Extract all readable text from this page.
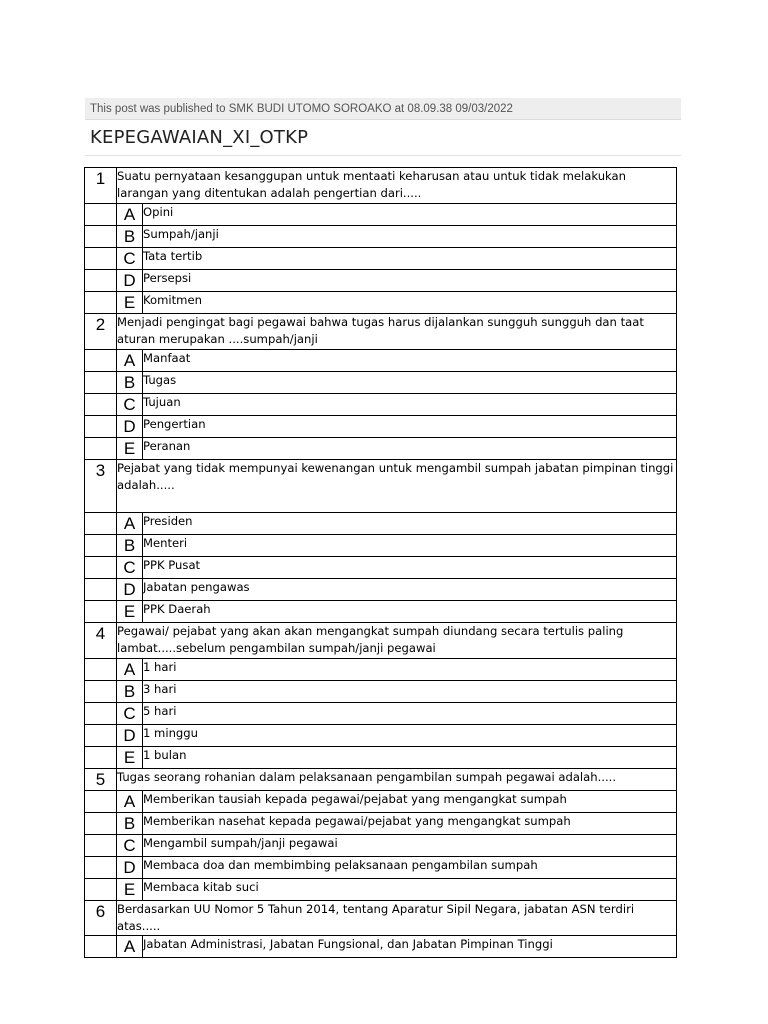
This post was published to SMK BUDI UTOMO SOROAKO at 08.09.38 09/03/2022
KEPEGAWAIAN_XI_OTKP
1	Suatu pernyataan kesanggupan untuk mentaati keharusan atau untuk tidak melakukan larangan yang ditentukan adalah pengertian dari.....	
	A	Opini
	B	Sumpah/janji
	C	Tata tertib
	D	Persepsi
	E	Komitmen
2	Menjadi pengingat bagi pegawai bahwa tugas harus dijalankan sungguh sungguh dan taat aturan merupakan ....sumpah/janji	
	A	Manfaat
	B	Tugas
	C	Tujuan
	D	Pengertian
	E	Peranan
3	Pejabat yang tidak mempunyai kewenangan untuk mengambil sumpah jabatan pimpinan tinggi adalah.....	
	A	Presiden
	B	Menteri
	C	PPK Pusat
	D	Jabatan pengawas
	E	PPK Daerah
4	Pegawai/ pejabat yang akan akan mengangkat sumpah diundang secara tertulis paling lambat.....sebelum pengambilan sumpah/janji pegawai	
	A	1 hari
	B	3 hari
	C	5 hari
	D	1 minggu
	E	1 bulan
5	Tugas seorang rohanian dalam pelaksanaan pengambilan sumpah pegawai adalah.....	
	A	Memberikan tausiah kepada pegawai/pejabat yang mengangkat sumpah
	B	Memberikan nasehat kepada pegawai/pejabat yang mengangkat sumpah
	C	Mengambil sumpah/janji pegawai
	D	Membaca doa dan membimbing pelaksanaan pengambilan sumpah
	E	Membaca kitab suci
6	Berdasarkan UU Nomor 5 Tahun 2014, tentang Aparatur Sipil Negara, jabatan ASN terdiri atas.....	
	A	Jabatan Administrasi, Jabatan Fungsional, dan Jabatan Pimpinan Tinggi
